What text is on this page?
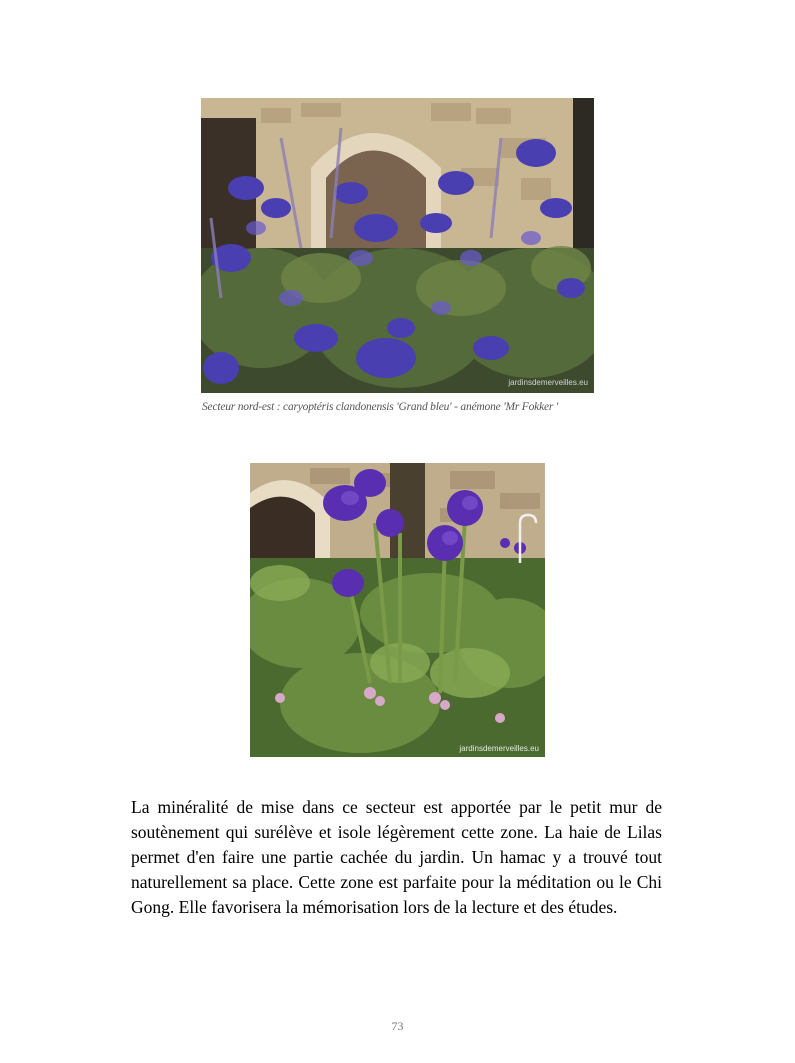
jardinsdemerveilles.eu
Secteur nord-est : caryoptéris clandonensis 'Grand bleu' - anémone 'Mr Fokker '
jardinsdemerveilles.eu

La minéralité de mise dans ce secteur est apportée par le petit mur de soutènement qui surélève et isole légèrement cette zone. La haie de Lilas permet d'en faire une partie cachée du jardin. Un hamac y a trouvé tout naturellement sa place. Cette zone est parfaite pour la méditation ou le Chi Gong. Elle favorisera la mémorisation lors de la lecture et des études.

73
